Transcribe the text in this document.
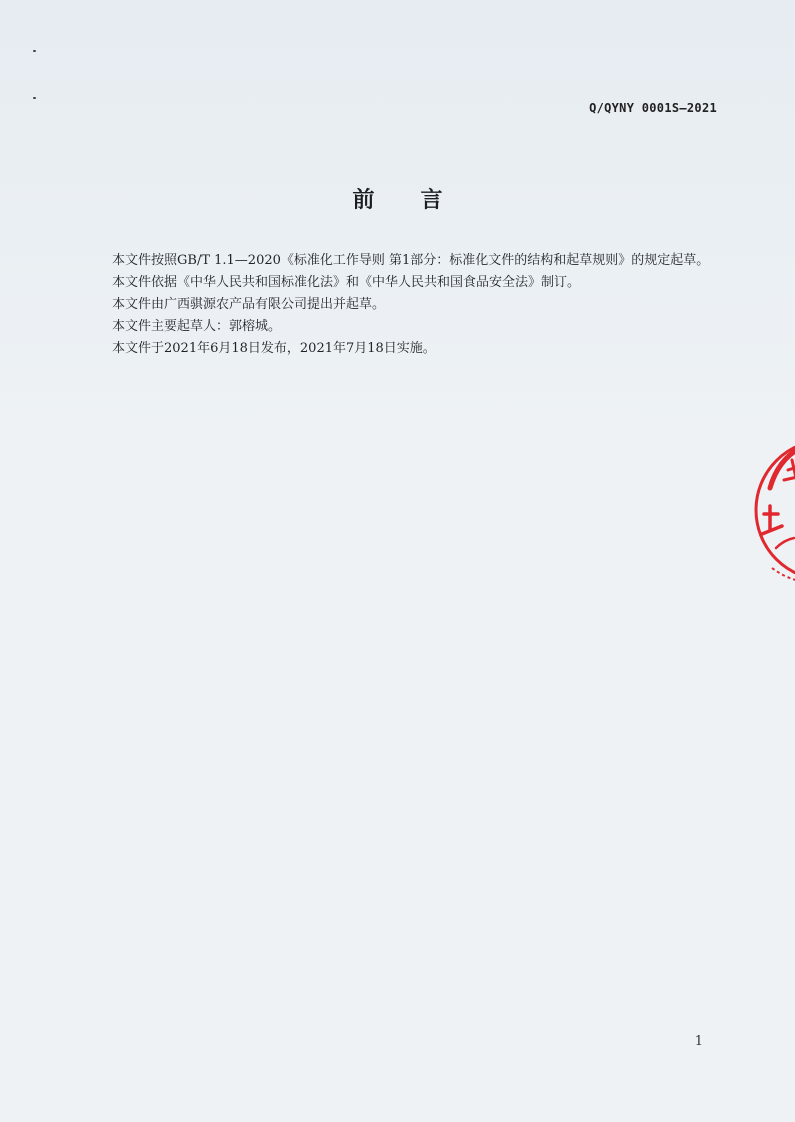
Q/QYNY 0001S—2021
前言

本文件按照GB/T 1.1—2020《标准化工作导则 第1部分：标准化文件的结构和起草规则》的规定起草。

本文件依据《中华人民共和国标准化法》和《中华人民共和国食品安全法》制订。

本文件由广西骐源农产品有限公司提出并起草。

本文件主要起草人：郭榕城。

本文件于2021年6月18日发布，2021年7月18日实施。

1
